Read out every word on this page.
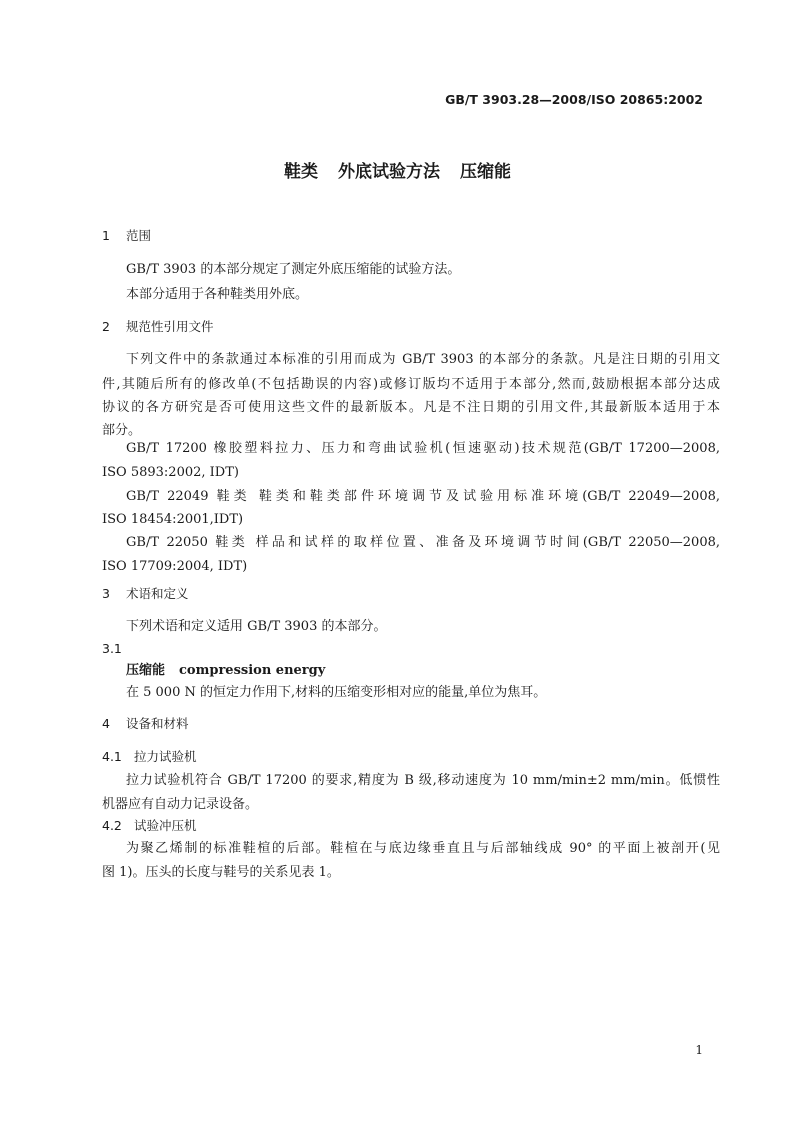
GB/T 3903.28—2008/ISO 20865:2002
鞋类 外底试验方法 压缩能
1 范围
GB/T 3903 的本部分规定了测定外底压缩能的试验方法。
本部分适用于各种鞋类用外底。
2 规范性引用文件
下列文件中的条款通过本标准的引用而成为 GB/T 3903 的本部分的条款。凡是注日期的引用文
件,其随后所有的修改单(不包括勘误的内容)或修订版均不适用于本部分,然而,鼓励根据本部分达成
协议的各方研究是否可使用这些文件的最新版本。凡是不注日期的引用文件,其最新版本适用于本
部分。
GB/T 17200 橡胶塑料拉力、压力和弯曲试验机(恒速驱动)技术规范(GB/T 17200—2008,
ISO 5893:2002, IDT)
GB/T 22049 鞋类 鞋类和鞋类部件环境调节及试验用标准环境(GB/T 22049—2008,
ISO 18454:2001,IDT)
GB/T 22050 鞋类 样品和试样的取样位置、准备及环境调节时间(GB/T 22050—2008,
ISO 17709:2004, IDT)
3 术语和定义
下列术语和定义适用 GB/T 3903 的本部分。
3.1
压缩能 compression energy
在 5 000 N 的恒定力作用下,材料的压缩变形相对应的能量,单位为焦耳。
4 设备和材料
4.1 拉力试验机
拉力试验机符合 GB/T 17200 的要求,精度为 B 级,移动速度为 10 mm/min±2 mm/min。低惯性
机器应有自动力记录设备。
4.2 试验冲压机
为聚乙烯制的标准鞋楦的后部。鞋楦在与底边缘垂直且与后部轴线成 90° 的平面上被剖开(见
图 1)。压头的长度与鞋号的关系见表 1。
1
